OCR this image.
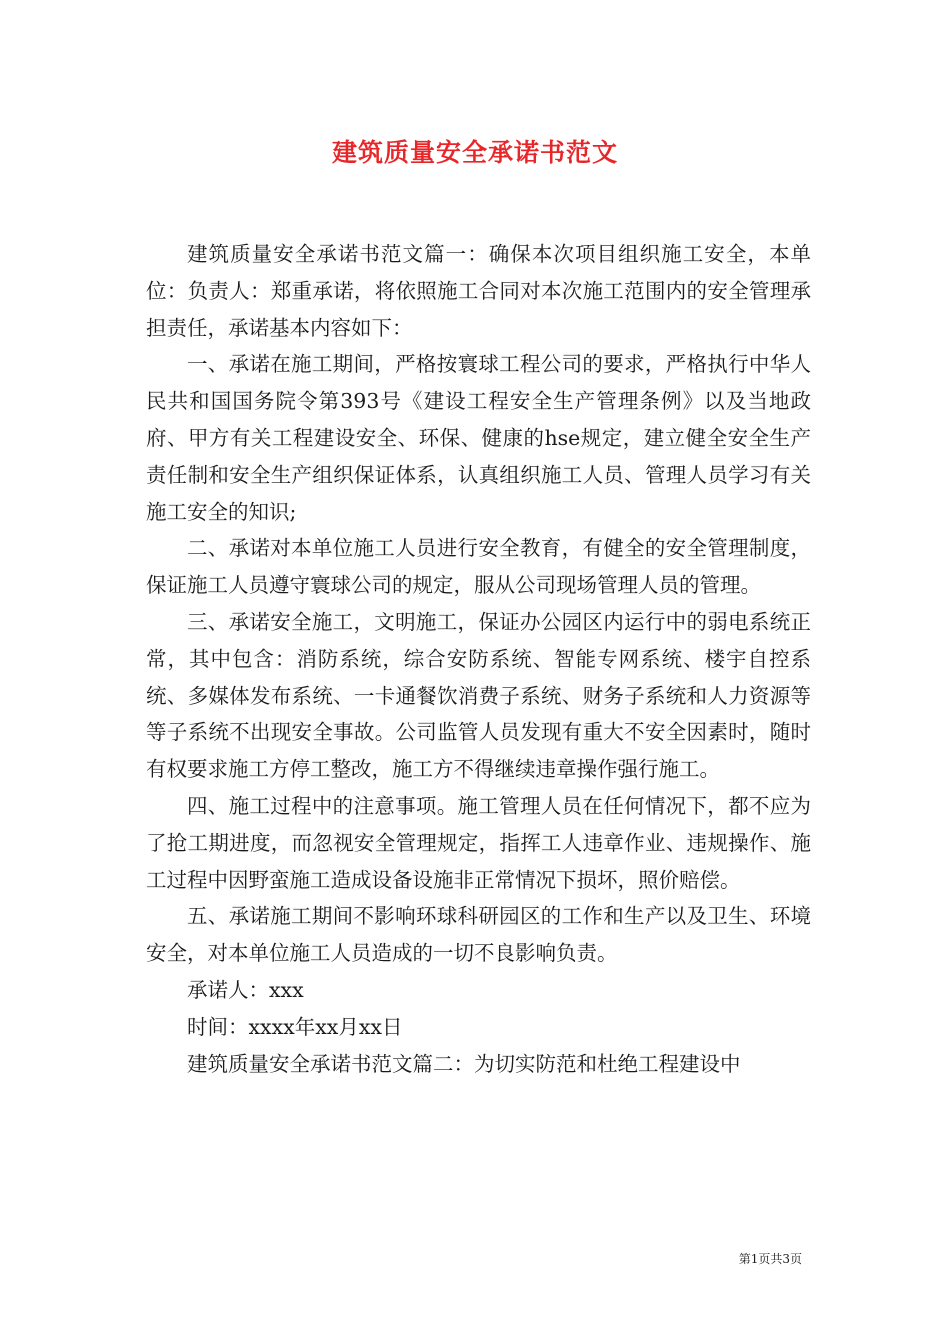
建筑质量安全承诺书范文

建筑质量安全承诺书范文篇一：确保本次项目组织施工安全，本单位：负责人：郑重承诺，将依照施工合同对本次施工范围内的安全管理承担责任，承诺基本内容如下：

一、承诺在施工期间，严格按寰球工程公司的要求，严格执行中华人民共和国国务院令第393号《建设工程安全生产管理条例》以及当地政府、甲方有关工程建设安全、环保、健康的hse规定，建立健全安全生产责任制和安全生产组织保证体系，认真组织施工人员、管理人员学习有关施工安全的知识;

二、承诺对本单位施工人员进行安全教育，有健全的安全管理制度，保证施工人员遵守寰球公司的规定，服从公司现场管理人员的管理。

三、承诺安全施工，文明施工，保证办公园区内运行中的弱电系统正常，其中包含：消防系统，综合安防系统、智能专网系统、楼宇自控系统、多媒体发布系统、一卡通餐饮消费子系统、财务子系统和人力资源等等子系统不出现安全事故。公司监管人员发现有重大不安全因素时，随时有权要求施工方停工整改，施工方不得继续违章操作强行施工。

四、施工过程中的注意事项。施工管理人员在任何情况下，都不应为了抢工期进度，而忽视安全管理规定，指挥工人违章作业、违规操作、施工过程中因野蛮施工造成设备设施非正常情况下损坏，照价赔偿。

五、承诺施工期间不影响环球科研园区的工作和生产以及卫生、环境安全，对本单位施工人员造成的一切不良影响负责。

承诺人：xxx

时间：xxxx年xx月xx日

建筑质量安全承诺书范文篇二：为切实防范和杜绝工程建设中

第1页共3页
